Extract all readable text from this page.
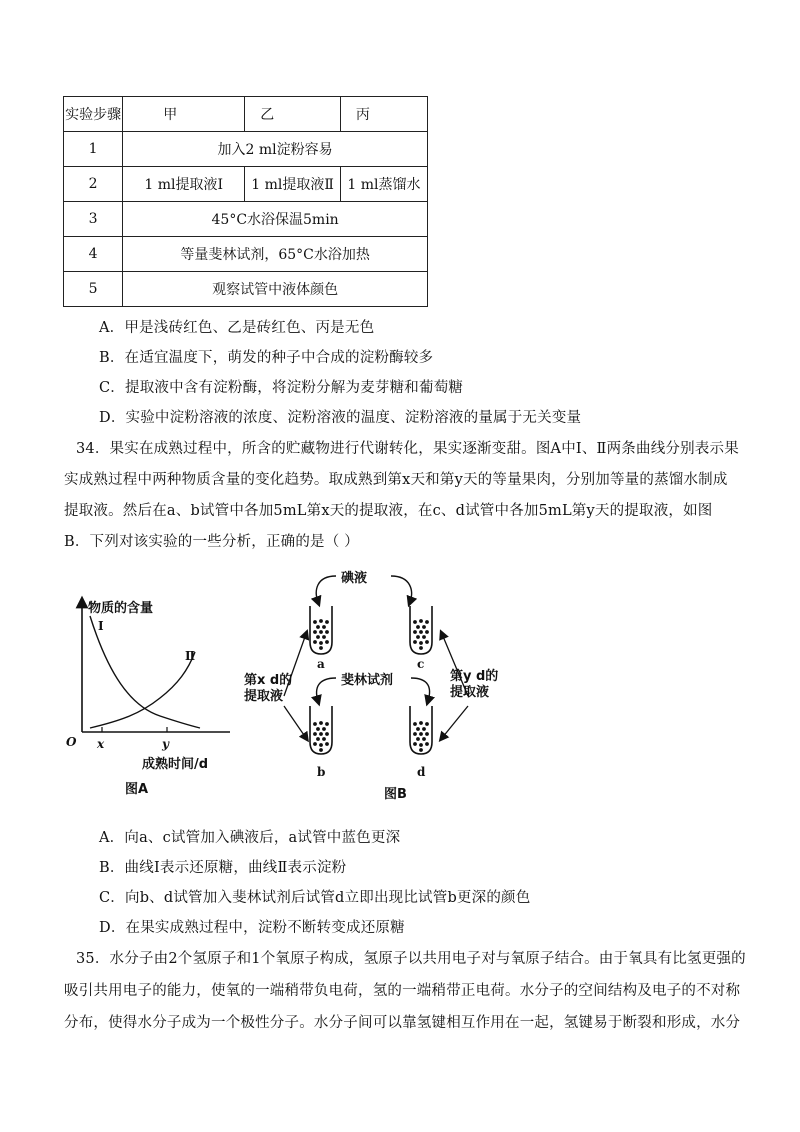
实验步骤	甲	乙	丙
1	加入2 ml淀粉容易		
2	1 ml提取液Ⅰ	1 ml提取液Ⅱ	1 ml蒸馏水
3	45°C水浴保温5min		
4	等量斐林试剂，65°C水浴加热		
5	观察试管中液体颜色		
A．甲是浅砖红色、乙是砖红色、丙是无色
B．在适宜温度下，萌发的种子中合成的淀粉酶较多
C．提取液中含有淀粉酶，将淀粉分解为麦芽糖和葡萄糖
D．实验中淀粉溶液的浓度、淀粉溶液的温度、淀粉溶液的量属于无关变量
34．果实在成熟过程中，所含的贮藏物进行代谢转化，果实逐渐变甜。图A中Ⅰ、Ⅱ两条曲线分别表示果
实成熟过程中两种物质含量的变化趋势。取成熟到第x天和第y天的等量果肉，分别加等量的蒸馏水制成
提取液。然后在a、b试管中各加5mL第x天的提取液，在c、d试管中各加5mL第y天的提取液，如图
B．下列对该实验的一些分析，正确的是（ ）
物质的含量
Ⅰ
Ⅱ
O x	y
成熟时间/d
图A
碘液
斐林试剂
第x d的
提取液
第y d的
提取液
a	c
b	d
图B
A．向a、c试管加入碘液后，a试管中蓝色更深
B．曲线Ⅰ表示还原糖，曲线Ⅱ表示淀粉
C．向b、d试管加入斐林试剂后试管d立即出现比试管b更深的颜色
D．在果实成熟过程中，淀粉不断转变成还原糖
35．水分子由2个氢原子和1个氧原子构成，氢原子以共用电子对与氧原子结合。由于氧具有比氢更强的
吸引共用电子的能力，使氧的一端稍带负电荷，氢的一端稍带正电荷。水分子的空间结构及电子的不对称
分布，使得水分子成为一个极性分子。水分子间可以靠氢键相互作用在一起，氢键易于断裂和形成，水分
